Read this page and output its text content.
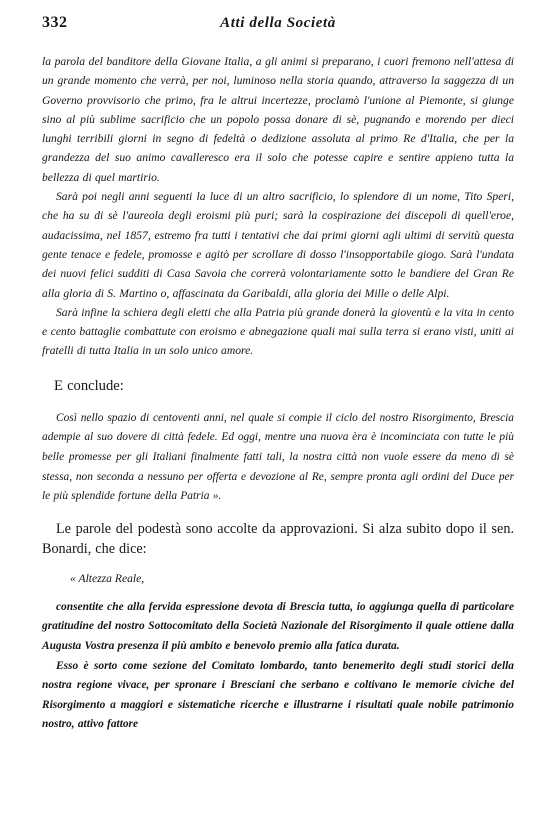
332	Atti della Società

la parola del banditore della Giovane Italia, a gli animi si preparano, i cuori fremono nell'attesa di un grande momento che verrà, per noi, luminoso nella storia quando, attraverso la saggezza di un Governo provvisorio che primo, fra le altrui incertezze, proclamò l'unione al Piemonte, si giunge sino al più sublime sacrificio che un popolo possa donare di sè, pugnando e morendo per dieci lunghi terribili giorni in segno di fedeltà o dedizione assoluta al primo Re d'Italia, che per la grandezza del suo animo cavalleresco era il solo che potesse capire e sentire appieno tutta la bellezza di quel martirio.

Sarà poi negli anni seguenti la luce di un altro sacrificio, lo splendore di un nome, Tito Speri, che ha su di sè l'aureola degli eroismi più puri; sarà la cospirazione dei discepoli di quell'eroe, audacissima, nel 1857, estremo fra tutti i tentativi che dai primi giorni agli ultimi di servitù questa gente tenace e fedele, promosse e agitò per scrollare di dosso l'insopportabile giogo. Sarà l'undata dei nuovi felici sudditi di Casa Savoia che correrà volontariamente sotto le bandiere del Gran Re alla gloria di S. Martino o, affascinata da Garibaldi, alla gloria dei Mille o delle Alpi.

Sarà infine la schiera degli eletti che alla Patria più grande donerà la gioventù e la vita in cento e cento battaglie combattute con eroismo e abnegazione quali mai sulla terra si erano visti, uniti ai fratelli di tutta Italia in un solo unico amore.

E conclude:

Così nello spazio di centoventi anni, nel quale si compie il ciclo del nostro Risorgimento, Brescia adempie al suo dovere di città fedele. Ed oggi, mentre una nuova èra è incominciata con tutte le più belle promesse per gli Italiani finalmente fatti tali, la nostra città non vuole essere da meno di sè stessa, non seconda a nessuno per offerta e devozione al Re, sempre pronta agli ordini del Duce per le più splendide fortune della Patria ».

Le parole del podestà sono accolte da approvazioni. Si alza subito dopo il sen. Bonardi, che dice:

« Altezza Reale,

consentite che alla fervida espressione devota di Brescia tutta, io aggiunga quella di particolare gratitudine del nostro Sottocomitato della Società Nazionale del Risorgimento il quale ottiene dalla Augusta Vostra presenza il più ambito e benevolo premio alla fatica durata.

Esso è sorto come sezione del Comitato lombardo, tanto benemerito degli studi storici della nostra regione vivace, per spronare i Bresciani che serbano e coltivano le memorie civiche del Risorgimento a maggiori e sistematiche ricerche e illustrarne i risultati quale nobile patrimonio nostro, attivo fattore
